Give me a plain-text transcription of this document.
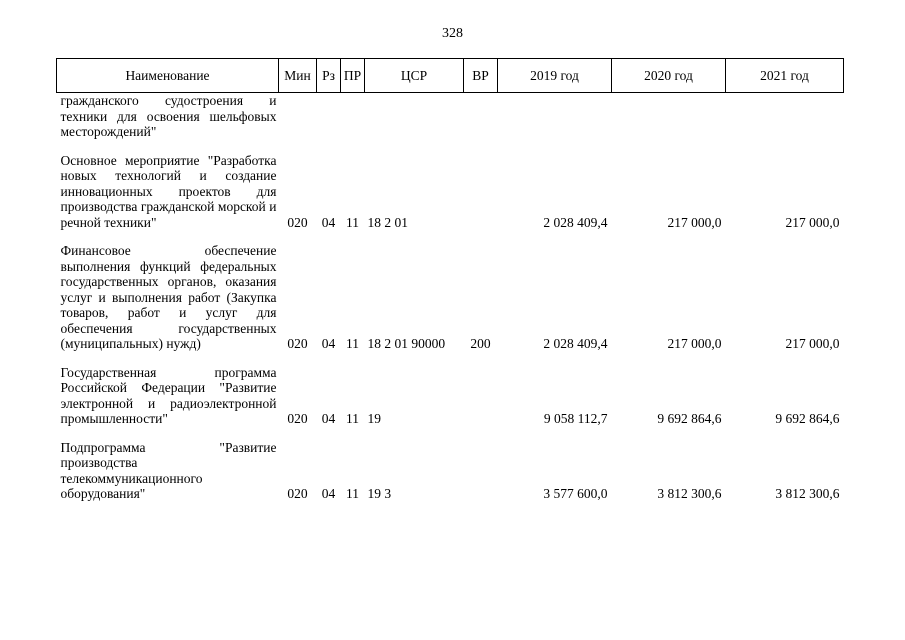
328
Наименование	Мин	Рз	ПР	ЦСР	ВР	2019 год	2020 год	2021 год
гражданского судостроения и техники для освоения шельфовых месторождений"								

Основное мероприятие "Разработка новых технологий и создание инновационных проектов для производства гражданской морской и речной техники"	020	04	11	18 2 01		2 028 409,4	217 000,0	217 000,0

Финансовое обеспечение выполнения функций федеральных государственных органов, оказания услуг и выполнения работ (Закупка товаров, работ и услуг для обеспечения государственных (муниципальных) нужд)	020	04	11	18 2 01 90000	200	2 028 409,4	217 000,0	217 000,0

Государственная программа Российской Федерации "Развитие электронной и радиоэлектронной промышленности"	020	04	11	19		9 058 112,7	9 692 864,6	9 692 864,6

Подпрограмма "Развитие производства телекоммуникационного оборудования"	020	04	11	19 3		3 577 600,0	3 812 300,6	3 812 300,6
